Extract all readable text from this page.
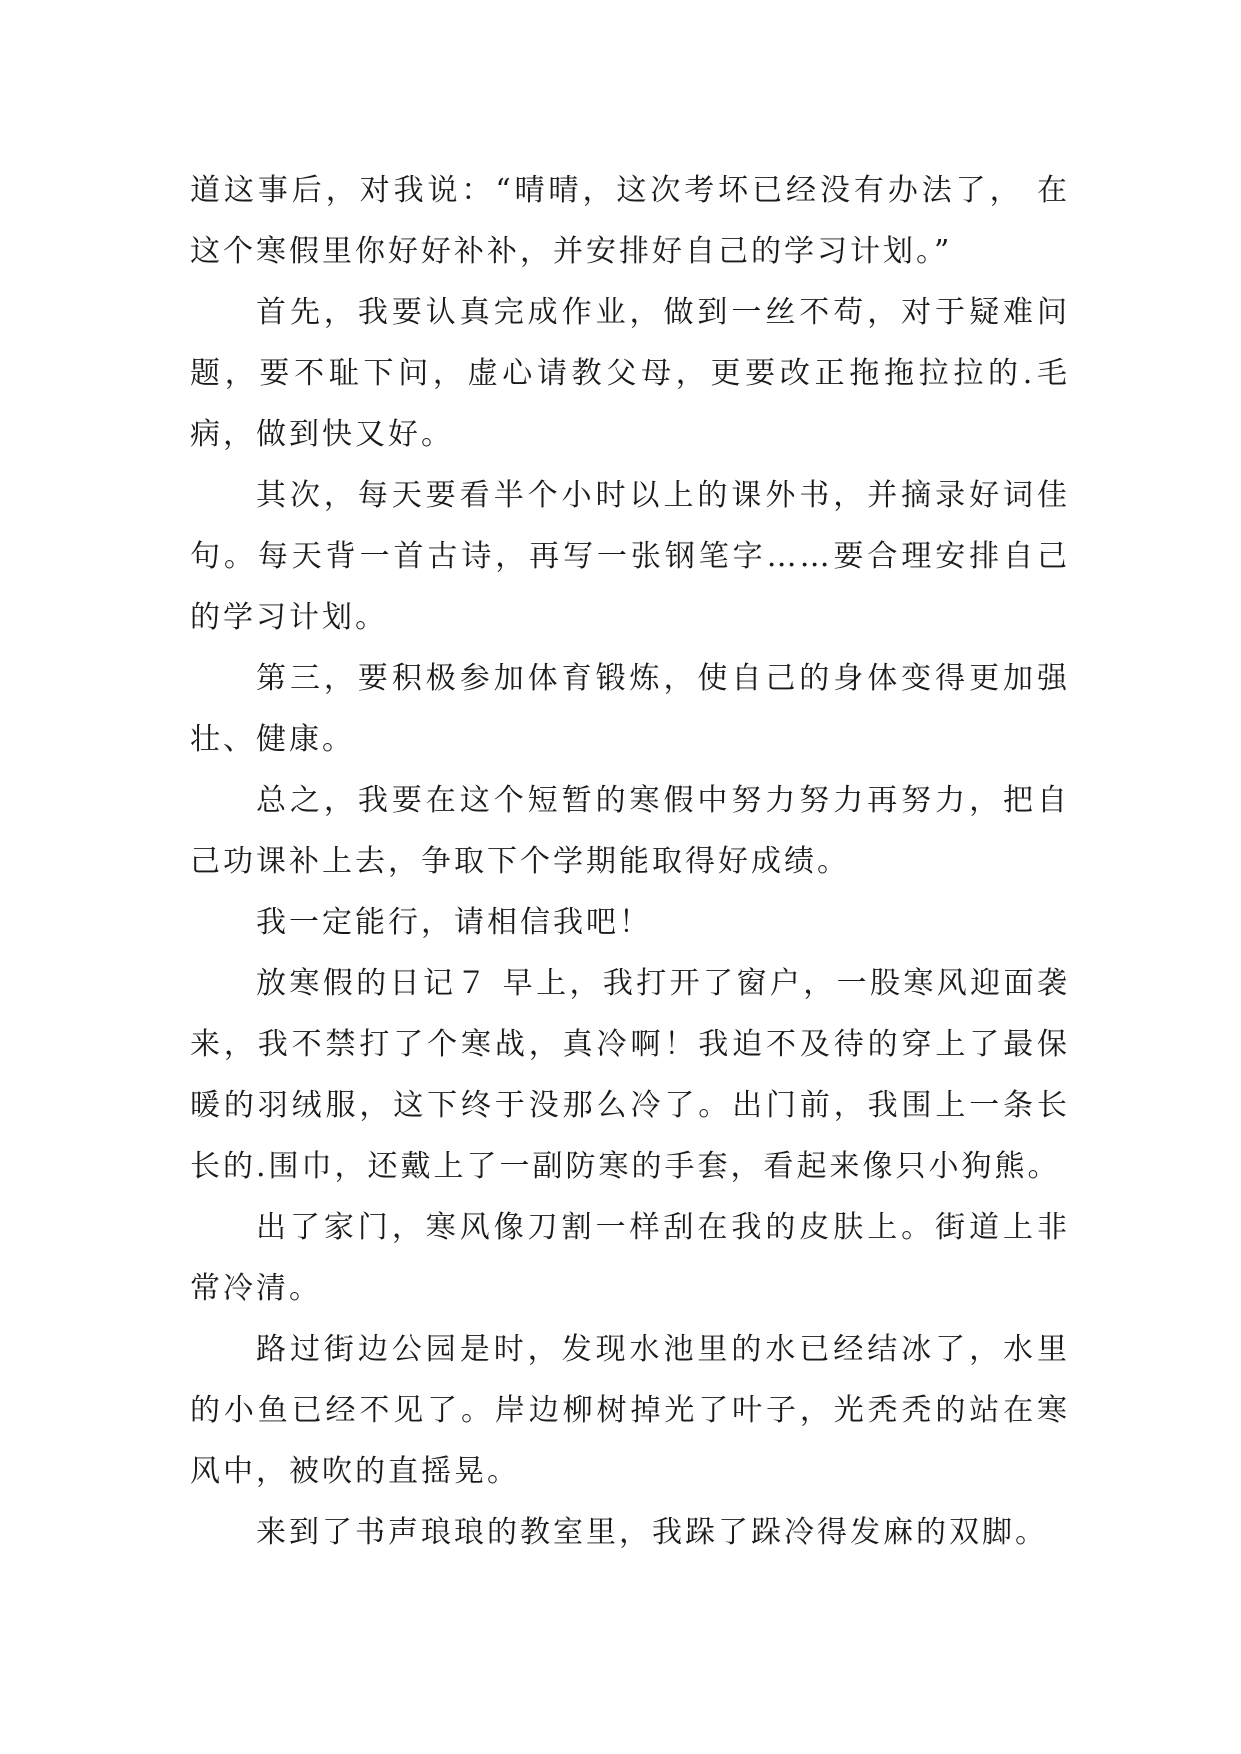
道这事后，对我说：“晴晴，这次考坏已经没有办法了， 在这个寒假里你好好补补，并安排好自己的学习计划。”

首先，我要认真完成作业，做到一丝不苟，对于疑难问题，要不耻下问，虚心请教父母，更要改正拖拖拉拉的.毛病，做到快又好。

其次，每天要看半个小时以上的课外书，并摘录好词佳句。每天背一首古诗，再写一张钢笔字……要合理安排自己的学习计划。

第三，要积极参加体育锻炼，使自己的身体变得更加强壮、健康。

总之，我要在这个短暂的寒假中努力努力再努力，把自己功课补上去，争取下个学期能取得好成绩。

我一定能行，请相信我吧！

放寒假的日记７ 早上，我打开了窗户，一股寒风迎面袭来，我不禁打了个寒战，真冷啊！我迫不及待的穿上了最保暖的羽绒服，这下终于没那么冷了。出门前，我围上一条长长的.围巾，还戴上了一副防寒的手套，看起来像只小狗熊。

出了家门，寒风像刀割一样刮在我的皮肤上。街道上非常冷清。

路过街边公园是时，发现水池里的水已经结冰了，水里的小鱼已经不见了。岸边柳树掉光了叶子，光秃秃的站在寒风中，被吹的直摇晃。

来到了书声琅琅的教室里，我跺了跺冷得发麻的双脚。
